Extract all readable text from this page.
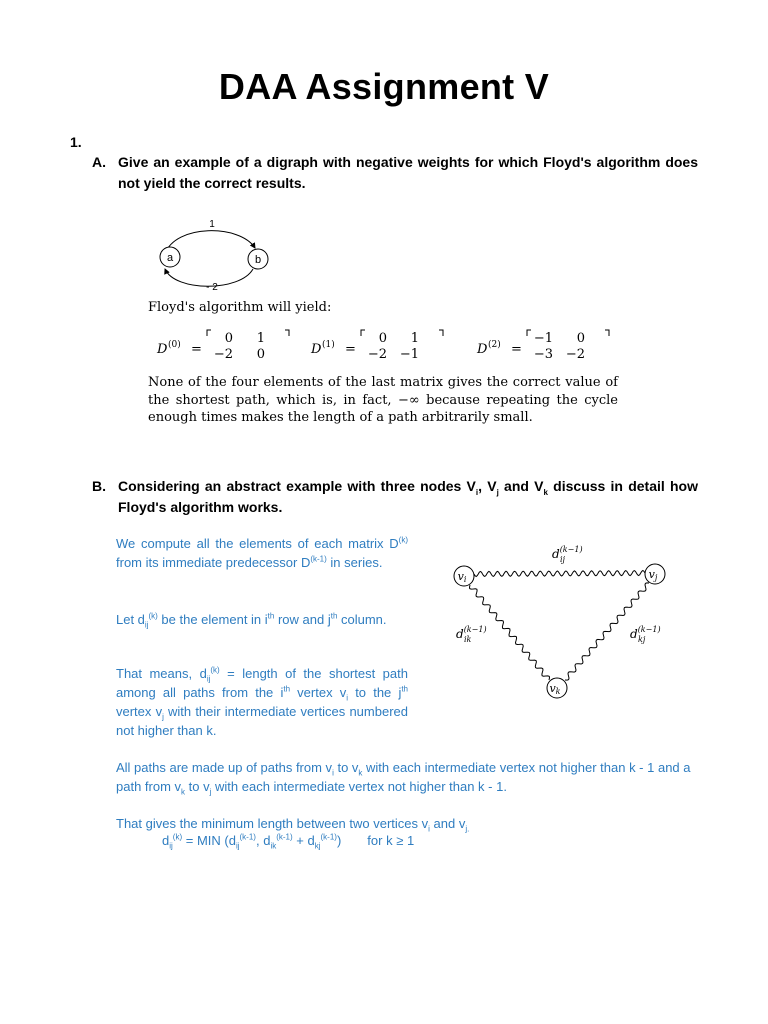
DAA Assignment V
1.
A. Give an example of a digraph with negative weights for which Floyd's algorithm does not yield the correct results.
a	b
1
- 2
Floyd's algorithm will yield:
D (0) =
0 1
−2 0	D (1) =
0 1
−2 −1	D (2) =
−1 0
−3 −2
None of the four elements of the last matrix gives the correct value of the shortest path, which is, in fact, −∞ because repeating the cycle enough times makes the length of a path arbitrarily small.
B. Considering an abstract example with three nodes $V_i$, $V_j$ and $V_k$ discuss in detail how Floyd's algorithm works.
We compute all the elements of each matrix $D^{(k)}$ from its immediate predecessor $D^{(k-1)}$ in series.
Let $d_{ij}^{(k)}$ be the element in $i^{th}$ row and $j^{th}$ column.
That means, $d_{ij}^{(k)}$ = length of the shortest path among all paths from the $i^{th}$ vertex $v_i$ to the $j^{th}$ vertex $v_j$ with their intermediate vertices numbered not higher than k.
vi	vj
vk
$d^{(k-1)}$ ij
$d^{(k-1)}$ ik	$d^{(k-1)}$ kj
All paths are made up of paths from $v_i$ to $v_k$ with each intermediate vertex not higher than k - 1 and a path from $v_k$ to $v_j$ with each intermediate vertex not higher than k - 1.
That gives the minimum length between two vertices $v_i$ and $v_{j.}$
$d_{ij}^{(k)}$ = MIN ($d_{ij}^{(k-1)}$, $d_{ik}^{(k-1)} + d_{kj}^{(k-1)}$) for k ≥ 1
